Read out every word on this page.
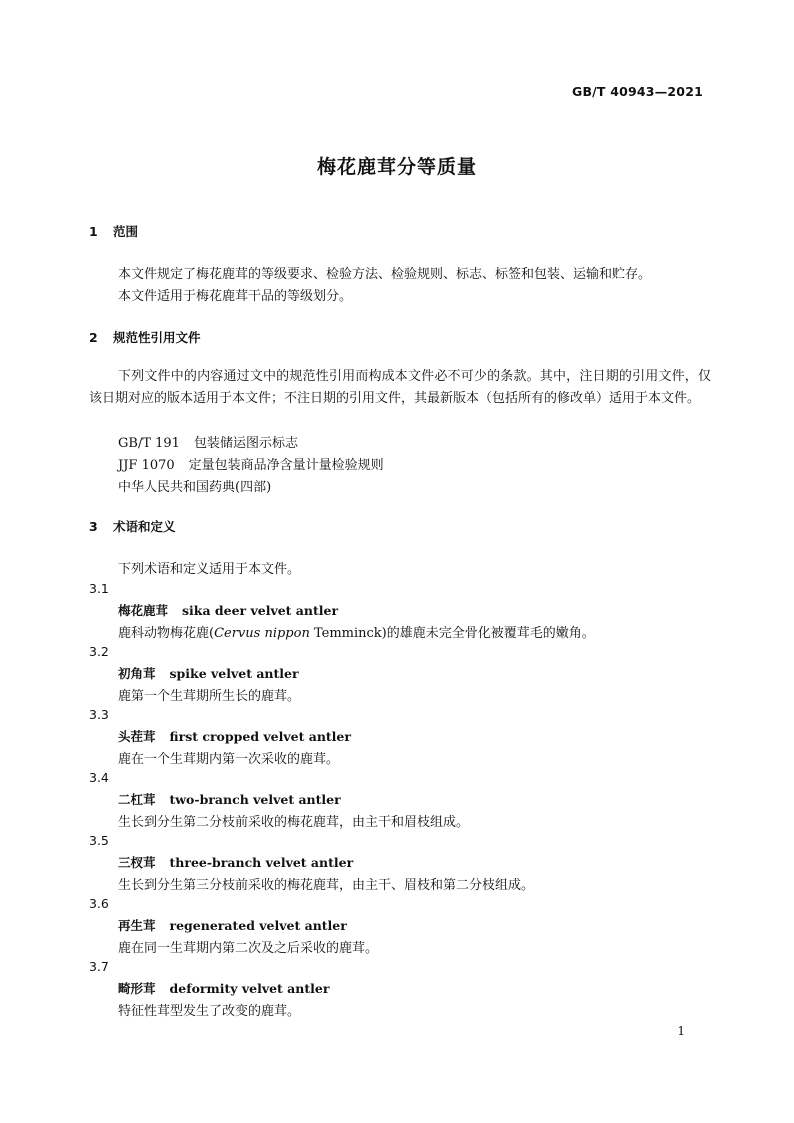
GB/T 40943—2021
梅花鹿茸分等质量
1 范围
本文件规定了梅花鹿茸的等级要求、检验方法、检验规则、标志、标签和包装、运输和贮存。
本文件适用于梅花鹿茸干品的等级划分。
2 规范性引用文件
下列文件中的内容通过文中的规范性引用而构成本文件必不可少的条款。其中，注日期的引用文件，仅该日期对应的版本适用于本文件；不注日期的引用文件，其最新版本（包括所有的修改单）适用于本文件。
GB/T 191 包装储运图示标志
JJF 1070 定量包装商品净含量计量检验规则
中华人民共和国药典(四部)
3 术语和定义
下列术语和定义适用于本文件。
3.1
梅花鹿茸 sika deer velvet antler
鹿科动物梅花鹿(Cervus nippon Temminck)的雄鹿未完全骨化被覆茸毛的嫩角。
3.2
初角茸 spike velvet antler
鹿第一个生茸期所生长的鹿茸。
3.3
头茬茸 first cropped velvet antler
鹿在一个生茸期内第一次采收的鹿茸。
3.4
二杠茸 two-branch velvet antler
生长到分生第二分枝前采收的梅花鹿茸，由主干和眉枝组成。
3.5
三杈茸 three-branch velvet antler
生长到分生第三分枝前采收的梅花鹿茸，由主干、眉枝和第二分枝组成。
3.6
再生茸 regenerated velvet antler
鹿在同一生茸期内第二次及之后采收的鹿茸。
3.7
畸形茸 deformity velvet antler
特征性茸型发生了改变的鹿茸。
1
